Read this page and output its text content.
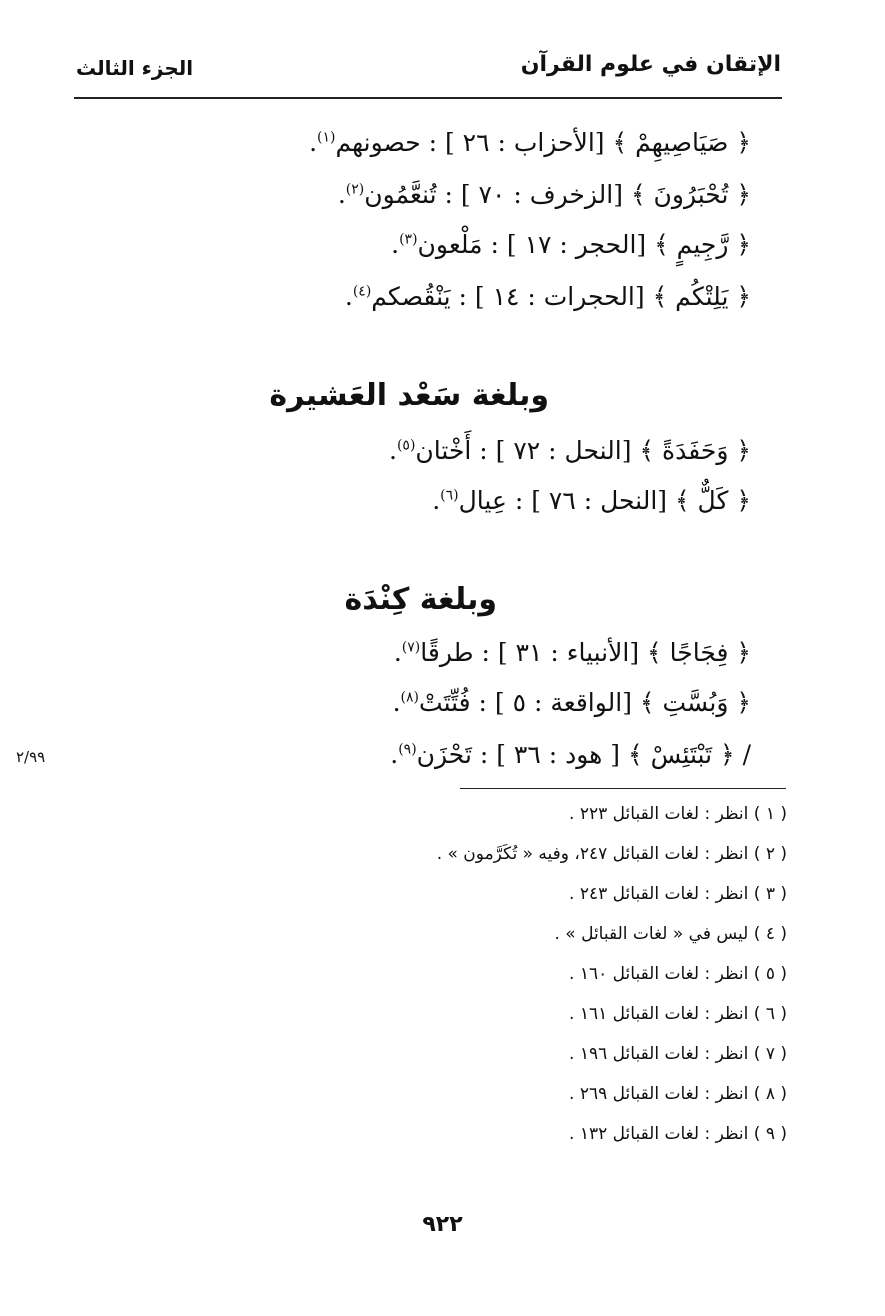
الإتقان في علوم القرآن
الجزء الثالث
﴿ صَيَاصِيهِمْ ﴾ [الأحزاب : ٢٦ ] : حصونهم$^{(١)}$.
﴿ تُحْبَرُونَ ﴾ [الزخرف : ٧٠ ] : تُنعَّمُون$^{(٢)}$.
﴿ رَّجِيمٍ ﴾ [الحجر : ١٧ ] : مَلْعون$^{(٣)}$.
﴿ يَلِتْكُم ﴾ [الحجرات : ١٤ ] : يَنْقُصكم$^{(٤)}$.
وبلغة سَعْد العَشيرة
﴿ وَحَفَدَةً ﴾ [النحل : ٧٢ ] : أَخْتان$^{(٥)}$.
﴿ كَلٌّ ﴾ [النحل : ٧٦ ] : عِيال$^{(٦)}$.
وبلغة كِنْدَة
﴿ فِجَاجًا ﴾ [الأنبياء : ٣١ ] : طرقًا$^{(٧)}$.
﴿ وَبُسَّتِ ﴾ [الواقعة : ٥ ] : فُتِّتَتْ$^{(٨)}$.
/ ﴿ تَبْتَئِسْ ﴾ [ هود : ٣٦ ] : تَحْزَن$^{(٩)}$.
٢/٩٩
( ١ ) انظر : لغات القبائل ٢٢٣ .
( ٢ ) انظر : لغات القبائل ٢٤٧، وفيه « تُكَرَّمون » .
( ٣ ) انظر : لغات القبائل ٢٤٣ .
( ٤ ) ليس في « لغات القبائل » .
( ٥ ) انظر : لغات القبائل ١٦٠ .
( ٦ ) انظر : لغات القبائل ١٦١ .
( ٧ ) انظر : لغات القبائل ١٩٦ .
( ٨ ) انظر : لغات القبائل ٢٦٩ .
( ٩ ) انظر : لغات القبائل ١٣٢ .
٩٢٢
